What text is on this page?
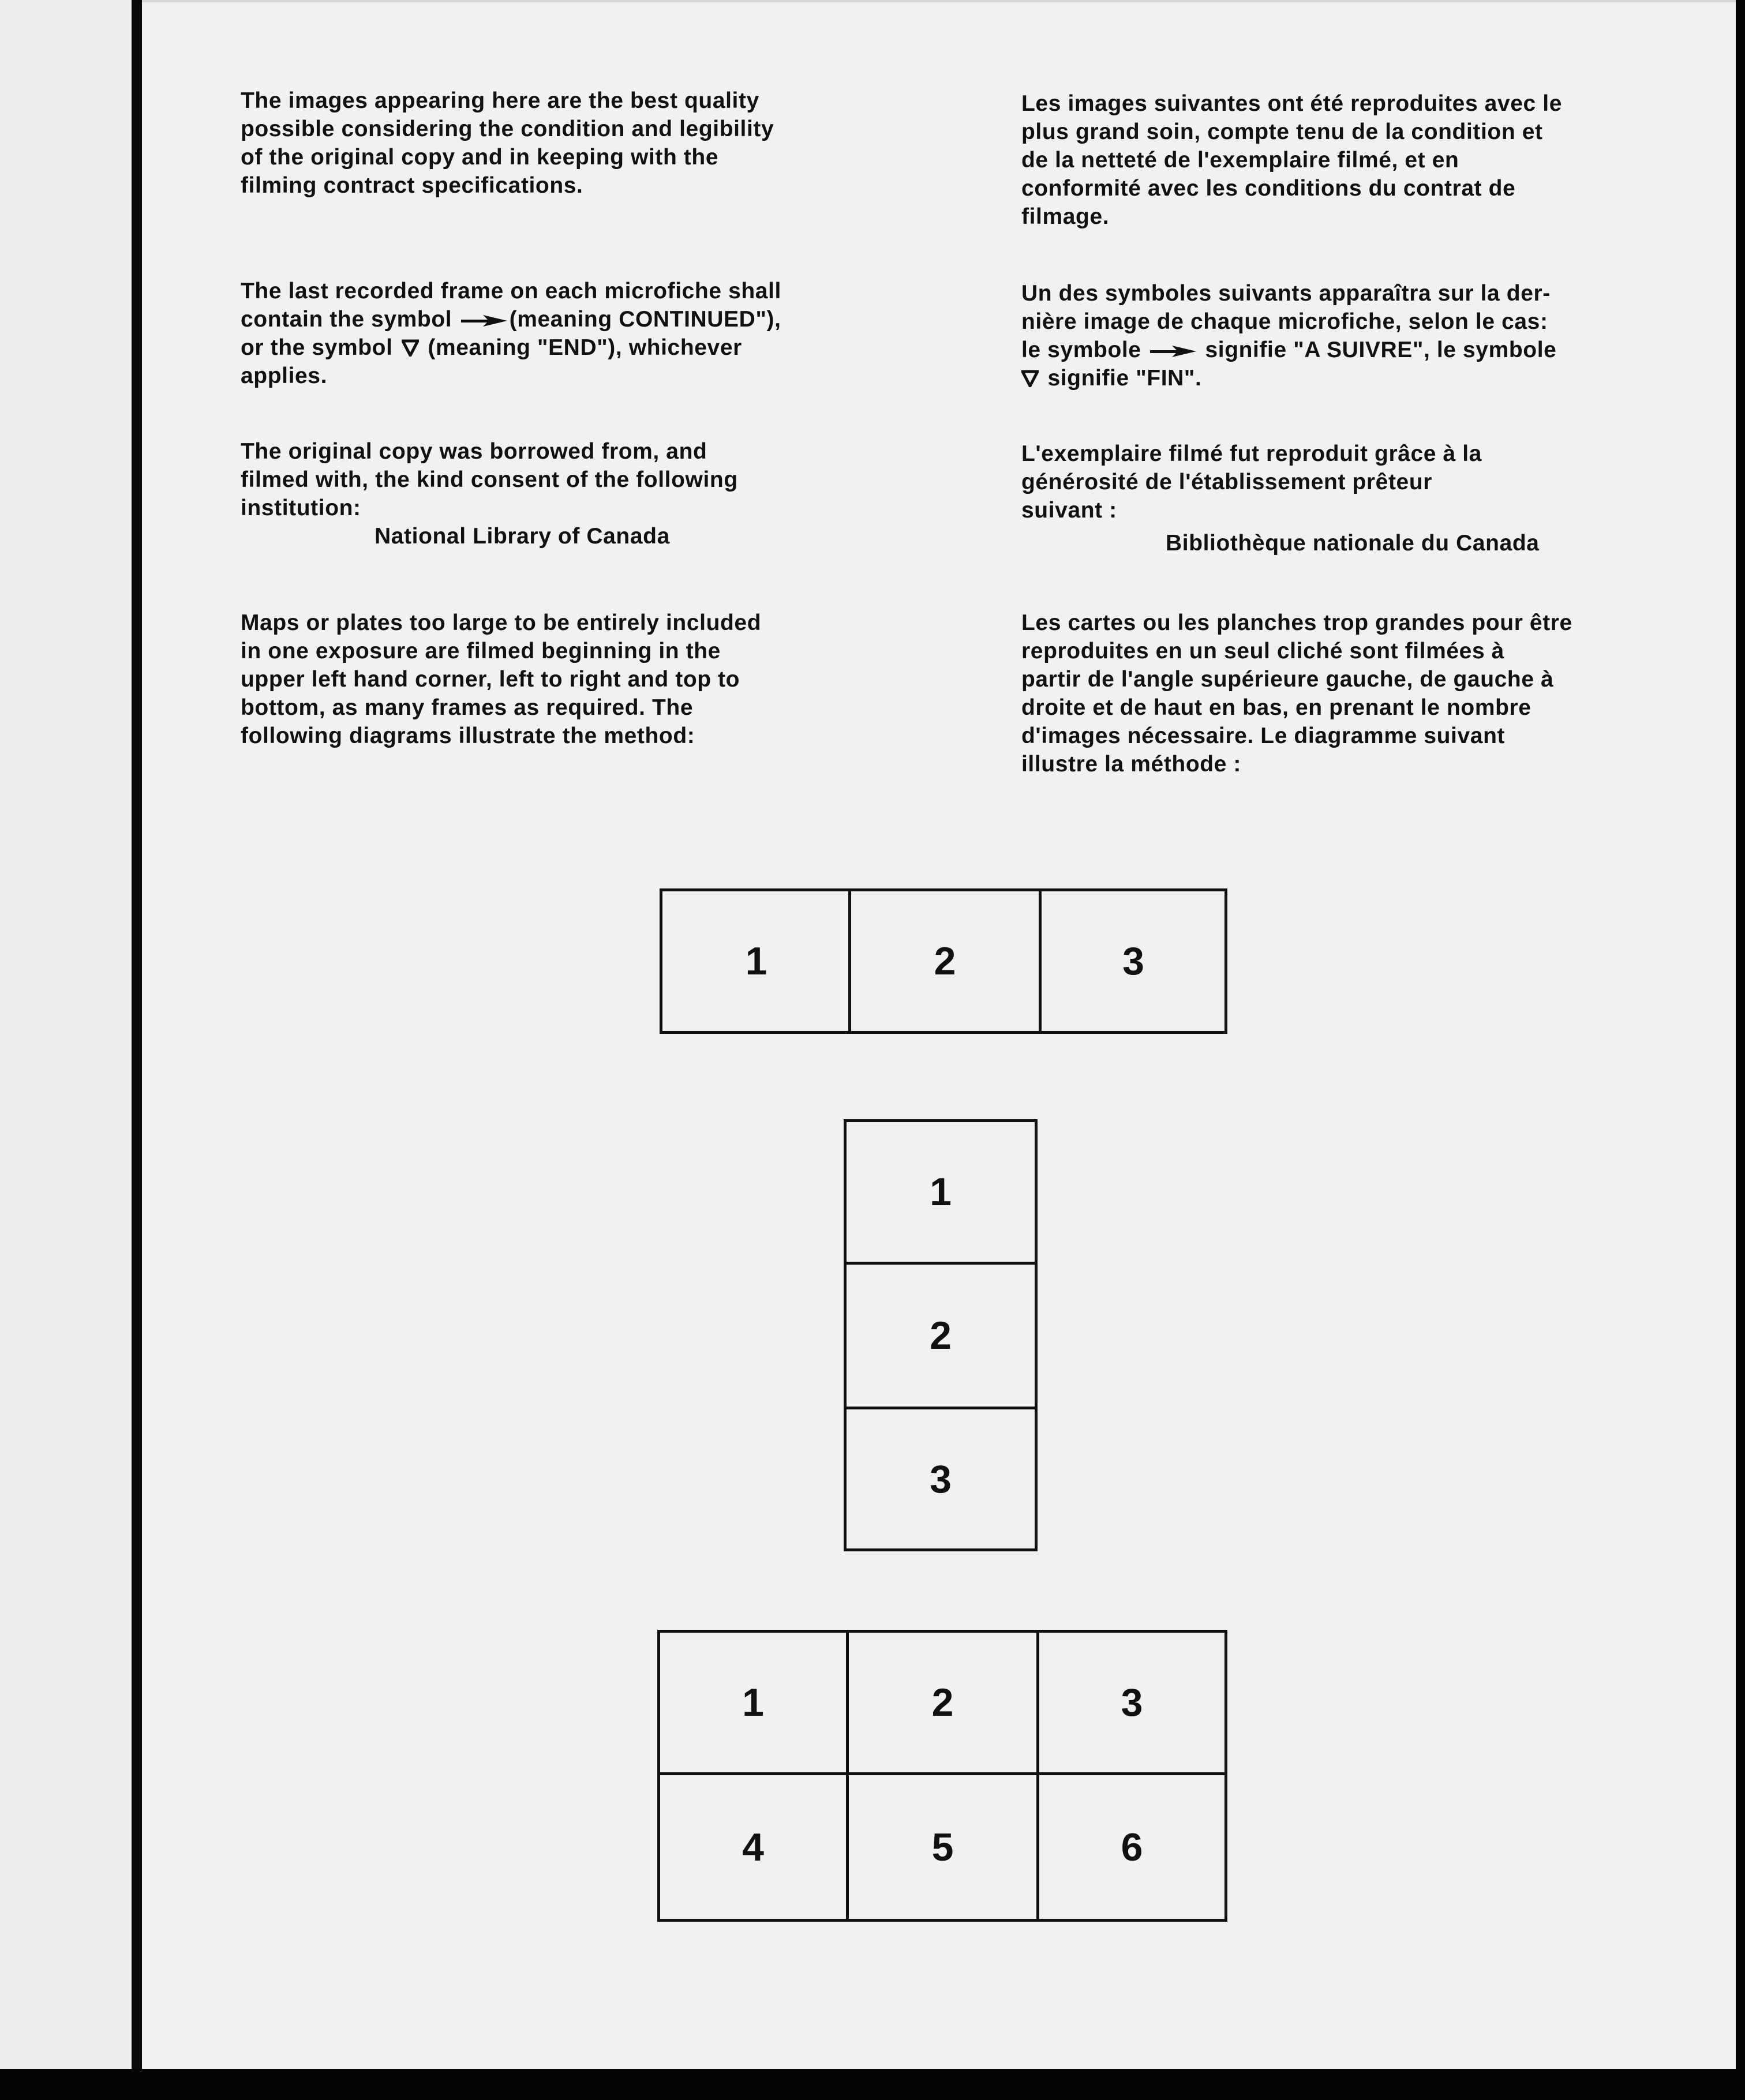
The images appearing here are the best quality
possible considering the condition and legibility
of the original copy and in keeping with the
filming contract specifications.
The last recorded frame on each microfiche shall
contain the symbol	(meaning CONTINUED"),
or the symbol (meaning "END"), whichever
applies.
The original copy was borrowed from, and
filmed with, the kind consent of the following
institution:
National Library of Canada
Maps or plates too large to be entirely included
in one exposure are filmed beginning in the
upper left hand corner, left to right and top to
bottom, as many frames as required. The
following diagrams illustrate the method:
Les images suivantes ont été reproduites avec le
plus grand soin, compte tenu de la condition et
de la netteté de l'exemplaire filmé, et en
conformité avec les conditions du contrat de
filmage.
Un des symboles suivants apparaîtra sur la der-
nière image de chaque microfiche, selon le cas:
le symbole	signifie "A SUIVRE", le symbole
signifie "FIN".
L'exemplaire filmé fut reproduit grâce à la
générosité de l'établissement prêteur
suivant :
Bibliothèque nationale du Canada
Les cartes ou les planches trop grandes pour être
reproduites en un seul cliché sont filmées à
partir de l'angle supérieure gauche, de gauche à
droite et de haut en bas, en prenant le nombre
d'images nécessaire. Le diagramme suivant
illustre la méthode :
1	2	3
1
2
3
1	2	3
4	5	6
